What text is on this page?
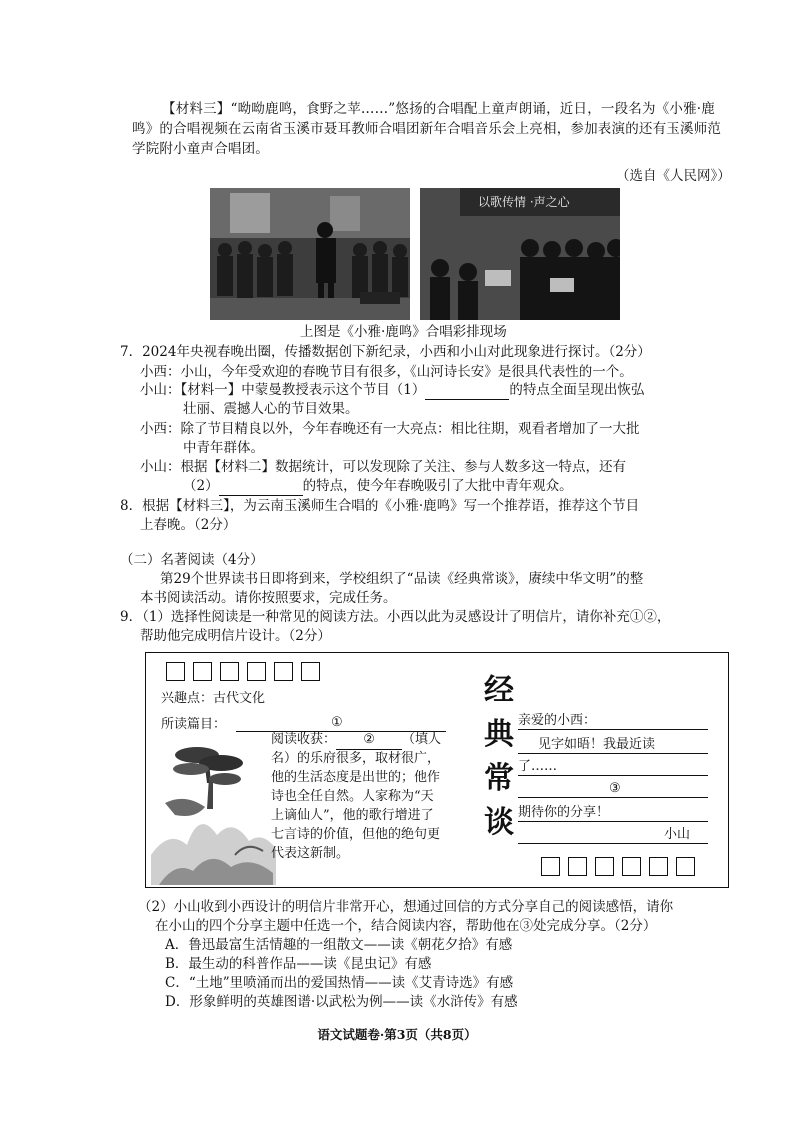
【材料三】“呦呦鹿鸣，食野之苹……”悠扬的合唱配上童声朗诵，近日，一段名为《小雅·鹿鸣》的合唱视频在云南省玉溪市聂耳教师合唱团新年合唱音乐会上亮相，参加表演的还有玉溪师范学院附小童声合唱团。
（选自《人民网》）
以歌传情 ·声之心
上图是《小雅·鹿鸣》合唱彩排现场
7．2024年央视春晚出圈，传播数据创下新纪录，小西和小山对此现象进行探讨。（2分）
小西：小山，今年受欢迎的春晚节目有很多，《山河诗长安》是很具代表性的一个。
小山：【材料一】中蒙曼教授表示这个节目（1）	的特点全面呈现出恢弘
壮丽、震撼人心的节目效果。
小西：除了节目精良以外，今年春晚还有一大亮点：相比往期，观看者增加了一大批
中青年群体。
小山：根据【材料二】数据统计，可以发现除了关注、参与人数多这一特点，还有
（2）	的特点，使今年春晚吸引了大批中青年观众。
8．根据【材料三】，为云南玉溪师生合唱的《小雅·鹿鸣》写一个推荐语，推荐这个节目
上春晚。（2分）
（二）名著阅读（4分）
第29个世界读书日即将到来，学校组织了“品读《经典常谈》，赓续中华文明”的整
本书阅读活动。请你按照要求，完成任务。
9．（1）选择性阅读是一种常见的阅读方法。小西以此为灵感设计了明信片，请你补充①②，
帮助他完成明信片设计。（2分）
兴趣点：古代文化
所读篇目：	①
阅读收获： ② （填人
名）的乐府很多，取材很广，
他的生活态度是出世的；他作
诗也全任自然。人家称为“天
上谪仙人”，他的歌行增进了
七言诗的价值，但他的绝句更
代表这新制。
经
典
常
谈
亲爱的小西：
见字如晤！我最近读
了……
③
期待你的分享！
小山
（2）小山收到小西设计的明信片非常开心，想通过回信的方式分享自己的阅读感悟，请你
在小山的四个分享主题中任选一个，结合阅读内容，帮助他在③处完成分享。（2分）
A．鲁迅最富生活情趣的一组散文——读《朝花夕拾》有感
B．最生动的科普作品——读《昆虫记》有感
C．“土地”里喷涌而出的爱国热情——读《艾青诗选》有感
D．形象鲜明的英雄图谱·以武松为例——读《水浒传》有感
语文试题卷·第3页（共8页）
